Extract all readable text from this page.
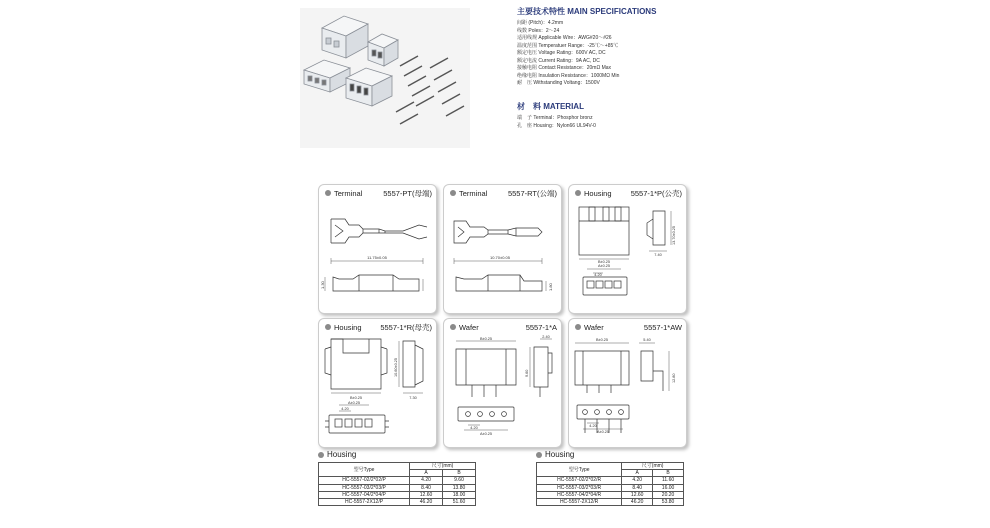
主要技术特性 MAIN SPECIFICATIONS
间距 (Pitch)：4.2mm
线数 Poles：2～24
适用线规 Applicable Wire：AWG#20～#26
温度范围 Temperatuer Range：-25℃～+85℃
额定电压 Voltage Rating：600V AC, DC
额定电流 Current Rating：9A AC, DC
接触电阻 Contact Resistance：20mΩ Max
绝缘电阻 Insulation Resistance：1000MΩ Min
耐　压 Withstanding Voltang：1500V
材　料 MATERIAL
端　子 Terminal：Phosphor bronz
孔　座 Housing：Nylon66 UL94V-0
Terminal	5557-PT(母端)
11.75±0.05
1.30
Terminal	5557-RT(公端)
10.70±0.05
1.80
Housing	5557-1*P(公壳)
B±0.25
A±0.25
4.20
7.40
13.70±0.25
Housing	5557-1*R(母壳)
B±0.25
A±0.25
4.20
7.30
10.60±0.25
Wafer	5557-1*A
B±0.25
A±0.25
4.20
2.40
9.60
Wafer	5557-1*AW
B±0.25
A±0.25
4.20
5.40
12.80
Housing
型号Type	尺寸(mm)	
	A	B
HC-5557-02/2*02/P	4.20	9.60
HC-5557-03/2*03/P	8.40	13.80
HC-5557-04/2*04/P	12.60	18.00
HC-5557-2X12/P	46.20	51.60
Housing
型号Type	尺寸(mm)	
	A	B
HC-5557-02/2*02/R	4.20	11.60
HC-5557-03/2*03/R	8.40	16.00
HC-5557-04/2*04/R	12.60	20.20
HC-5557-2X12/R	46.20	53.80
